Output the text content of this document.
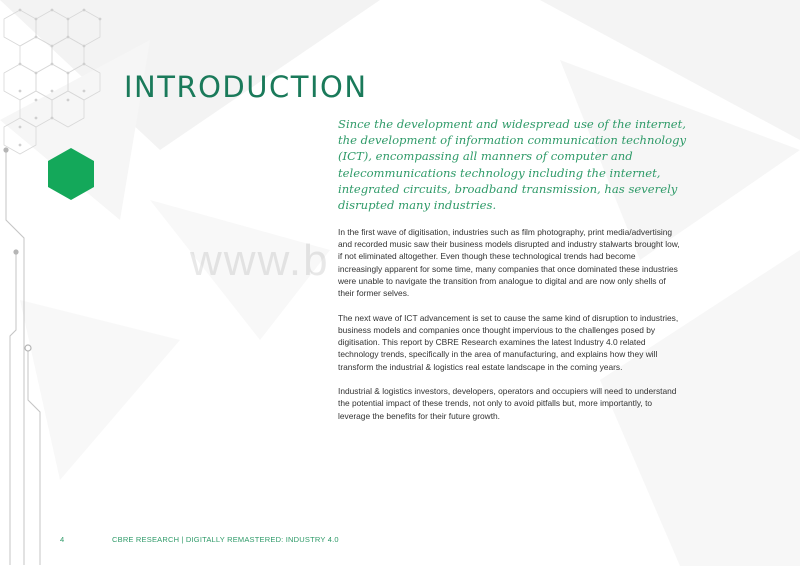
www.b
INTRODUCTION

Since the development and widespread use of the internet, the development of information communication technology (ICT), encompassing all manners of computer and telecommunications technology including the internet, integrated circuits, broadband transmission, has severely disrupted many industries.

In the first wave of digitisation, industries such as film photography, print media/advertising and recorded music saw their business models disrupted and industry stalwarts brought low, if not eliminated altogether. Even though these technological trends had become increasingly apparent for some time, many companies that once dominated these industries were unable to navigate the transition from analogue to digital and are now only shells of their former selves.

The next wave of ICT advancement is set to cause the same kind of disruption to industries, business models and companies once thought impervious to the challenges posed by digitisation. This report by CBRE Research examines the latest Industry 4.0 related technology trends, specifically in the area of manufacturing, and explains how they will transform the industrial & logistics real estate landscape in the coming years.

Industrial & logistics investors, developers, operators and occupiers will need to understand the potential impact of these trends, not only to avoid pitfalls but, more importantly, to leverage the benefits for their future growth.

4	CBRE RESEARCH | DIGITALLY REMASTERED: INDUSTRY 4.0
